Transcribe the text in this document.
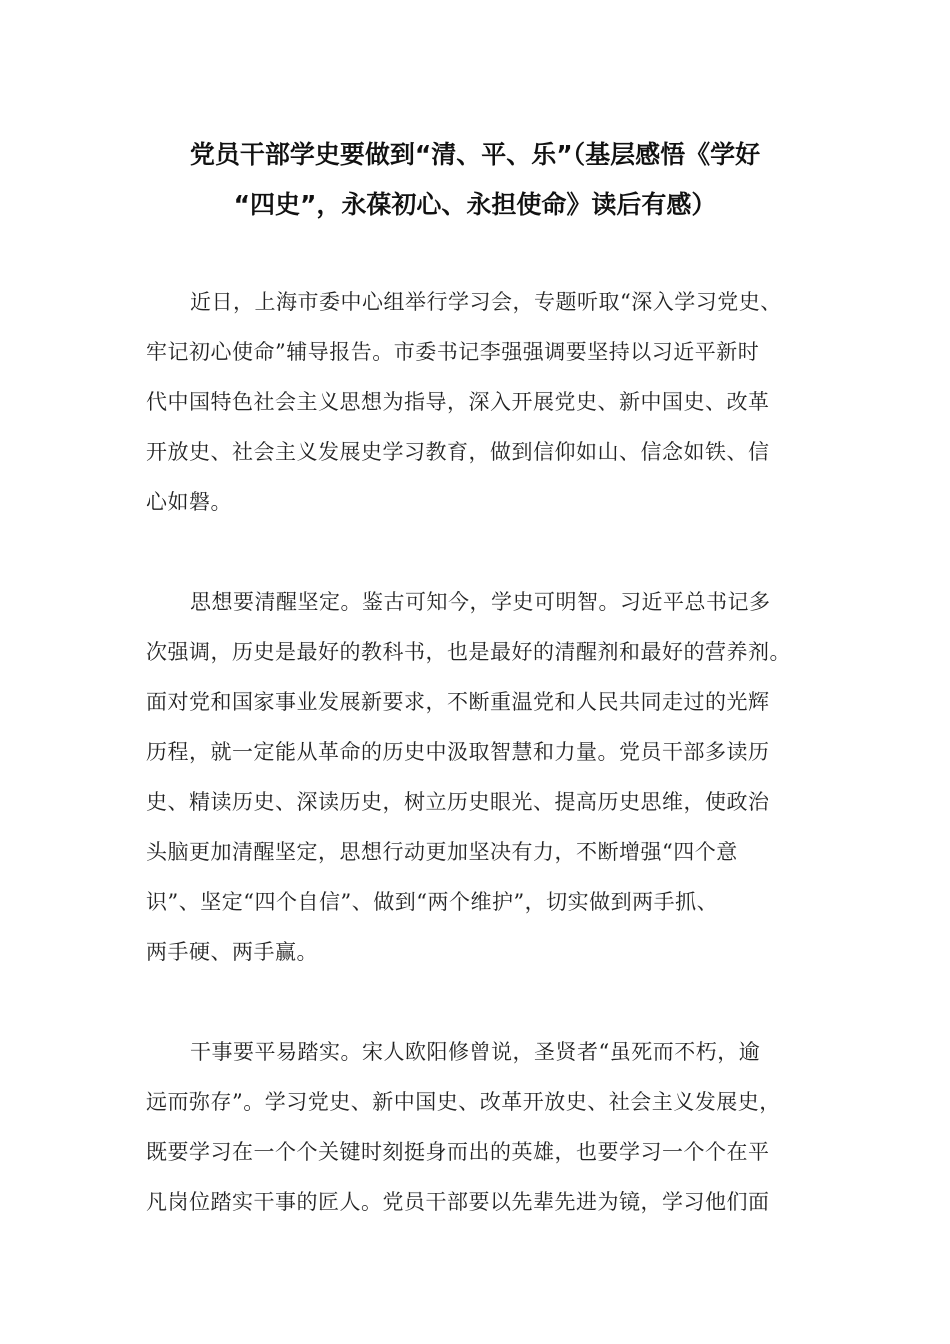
党员干部学史要做到“清、平、乐”（基层感悟《学好
“四史”，永葆初心、永担使命》读后有感）
近日，上海市委中心组举行学习会，专题听取“深入学习党史、
牢记初心使命”辅导报告。市委书记李强强调要坚持以习近平新时
代中国特色社会主义思想为指导，深入开展党史、新中国史、改革
开放史、社会主义发展史学习教育，做到信仰如山、信念如铁、信
心如磐。
思想要清醒坚定。鉴古可知今，学史可明智。习近平总书记多
次强调，历史是最好的教科书，也是最好的清醒剂和最好的营养剂。
面对党和国家事业发展新要求，不断重温党和人民共同走过的光辉
历程，就一定能从革命的历史中汲取智慧和力量。党员干部多读历
史、精读历史、深读历史，树立历史眼光、提高历史思维，使政治
头脑更加清醒坚定，思想行动更加坚决有力，不断增强“四个意
识”、坚定“四个自信”、做到“两个维护”，切实做到两手抓、
两手硬、两手赢。
干事要平易踏实。宋人欧阳修曾说，圣贤者“虽死而不朽，逾
远而弥存”。学习党史、新中国史、改革开放史、社会主义发展史，
既要学习在一个个关键时刻挺身而出的英雄，也要学习一个个在平
凡岗位踏实干事的匠人。党员干部要以先辈先进为镜，学习他们面
